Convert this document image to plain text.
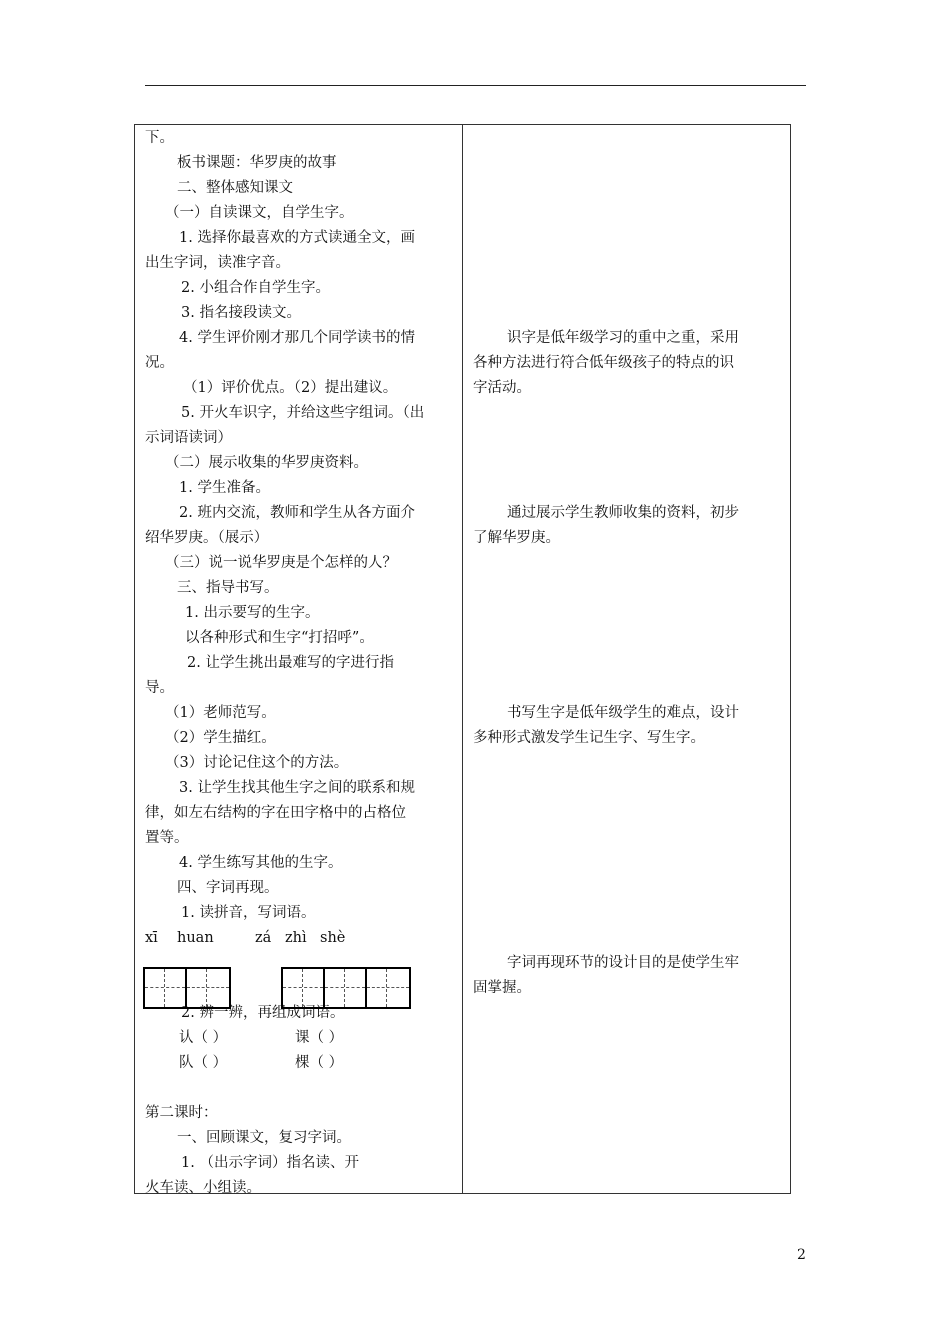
下。
板书课题：华罗庚的故事
二、整体感知课文
（一）自读课文，自学生字。
1. 选择你最喜欢的方式读通全文，画
出生字词，读准字音。
2. 小组合作自学生字。
3. 指名接段读文。
4. 学生评价刚才那几个同学读书的情
况。
（1）评价优点。（2）提出建议。
5. 开火车识字，并给这些字组词。（出
示词语读词）
（二）展示收集的华罗庚资料。
1. 学生准备。
2. 班内交流，教师和学生从各方面介
绍华罗庚。（展示）
（三）说一说华罗庚是个怎样的人？
三、指导书写。
1. 出示要写的生字。
以各种形式和生字“打招呼”。
2. 让学生挑出最难写的字进行指
导。
（1）老师范写。
（2）学生描红。
（3）讨论记住这个的方法。
3. 让学生找其他生字之间的联系和规
律，如左右结构的字在田字格中的占格位
置等。
4. 学生练写其他的生字。
四、字词再现。
1. 读拼音，写词语。
xī huan	zá zhì shè
2. 辨一辨，再组成词语。
认（ ）	课（ ）
队（ ）	棵（ ）
第二课时：
一、回顾课文，复习字词。
1. （出示字词）指名读、开
火车读、小组读。
识字是低年级学习的重中之重，采用
各种方法进行符合低年级孩子的特点的识
字活动。
通过展示学生教师收集的资料，初步
了解华罗庚。
书写生字是低年级学生的难点，设计
多种形式激发学生记生字、写生字。
字词再现环节的设计目的是使学生牢
固掌握。
2
